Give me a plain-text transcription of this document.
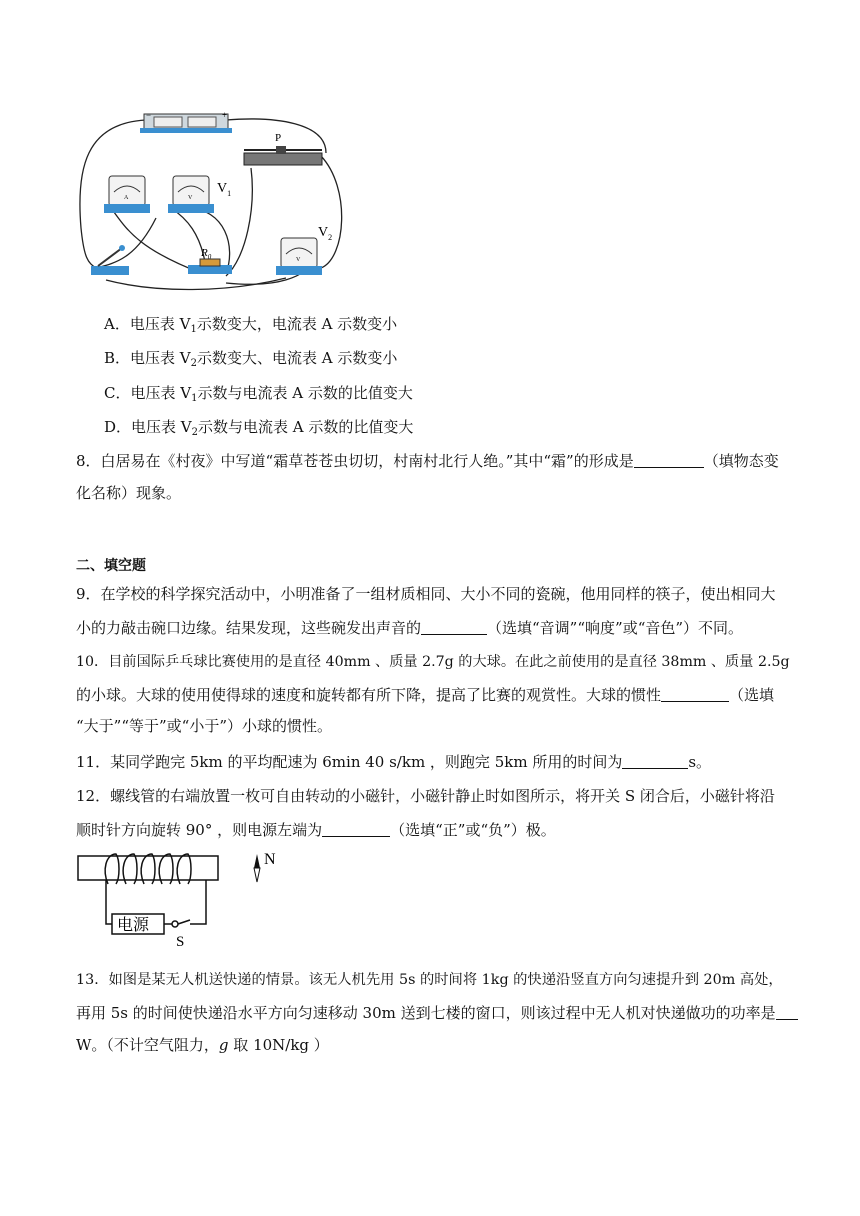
−	+
P
A	V
$V_1$
$R_0$	V
$V_2$
A．电压表 $V_1$示数变大，电流表 A 示数变小
B．电压表 $V_2$示数变大、电流表 A 示数变小
C．电压表 $V_1$示数与电流表 A 示数的比值变大
D．电压表 $V_2$示数与电流表 A 示数的比值变大
8．白居易在《村夜》中写道“霜草苍苍虫切切，村南村北行人绝。”其中“霜”的形成是	（填物态变
化名称）现象。
二、填空题
9．在学校的科学探究活动中，小明准备了一组材质相同、大小不同的瓷碗，他用同样的筷子，使出相同大
小的力敲击碗口边缘。结果发现，这些碗发出声音的	（选填“音调”“响度”或“音色”）不同。
10．目前国际乒乓球比赛使用的是直径 40mm 、质量 2.7g 的大球。在此之前使用的是直径 38mm 、质量 2.5g
的小球。大球的使用使得球的速度和旋转都有所下降，提高了比赛的观赏性。大球的惯性	（选填
“大于”“等于”或“小于”）小球的惯性。
11．某同学跑完 5km 的平均配速为 6min 40 s/km ，则跑完 5km 所用的时间为	s。
12．螺线管的右端放置一枚可自由转动的小磁针，小磁针静止时如图所示，将开关 S 闭合后，小磁针将沿
顺时针方向旋转 90° ，则电源左端为	（选填“正”或“负”）极。
电源
S
N
13．如图是某无人机送快递的情景。该无人机先用 5s 的时间将 1kg 的快递沿竖直方向匀速提升到 20m 高处，
再用 5s 的时间使快递沿水平方向匀速移动 30m 送到七楼的窗口，则该过程中无人机对快递做功的功率是
W。（不计空气阻力，g 取 10N/kg ）
